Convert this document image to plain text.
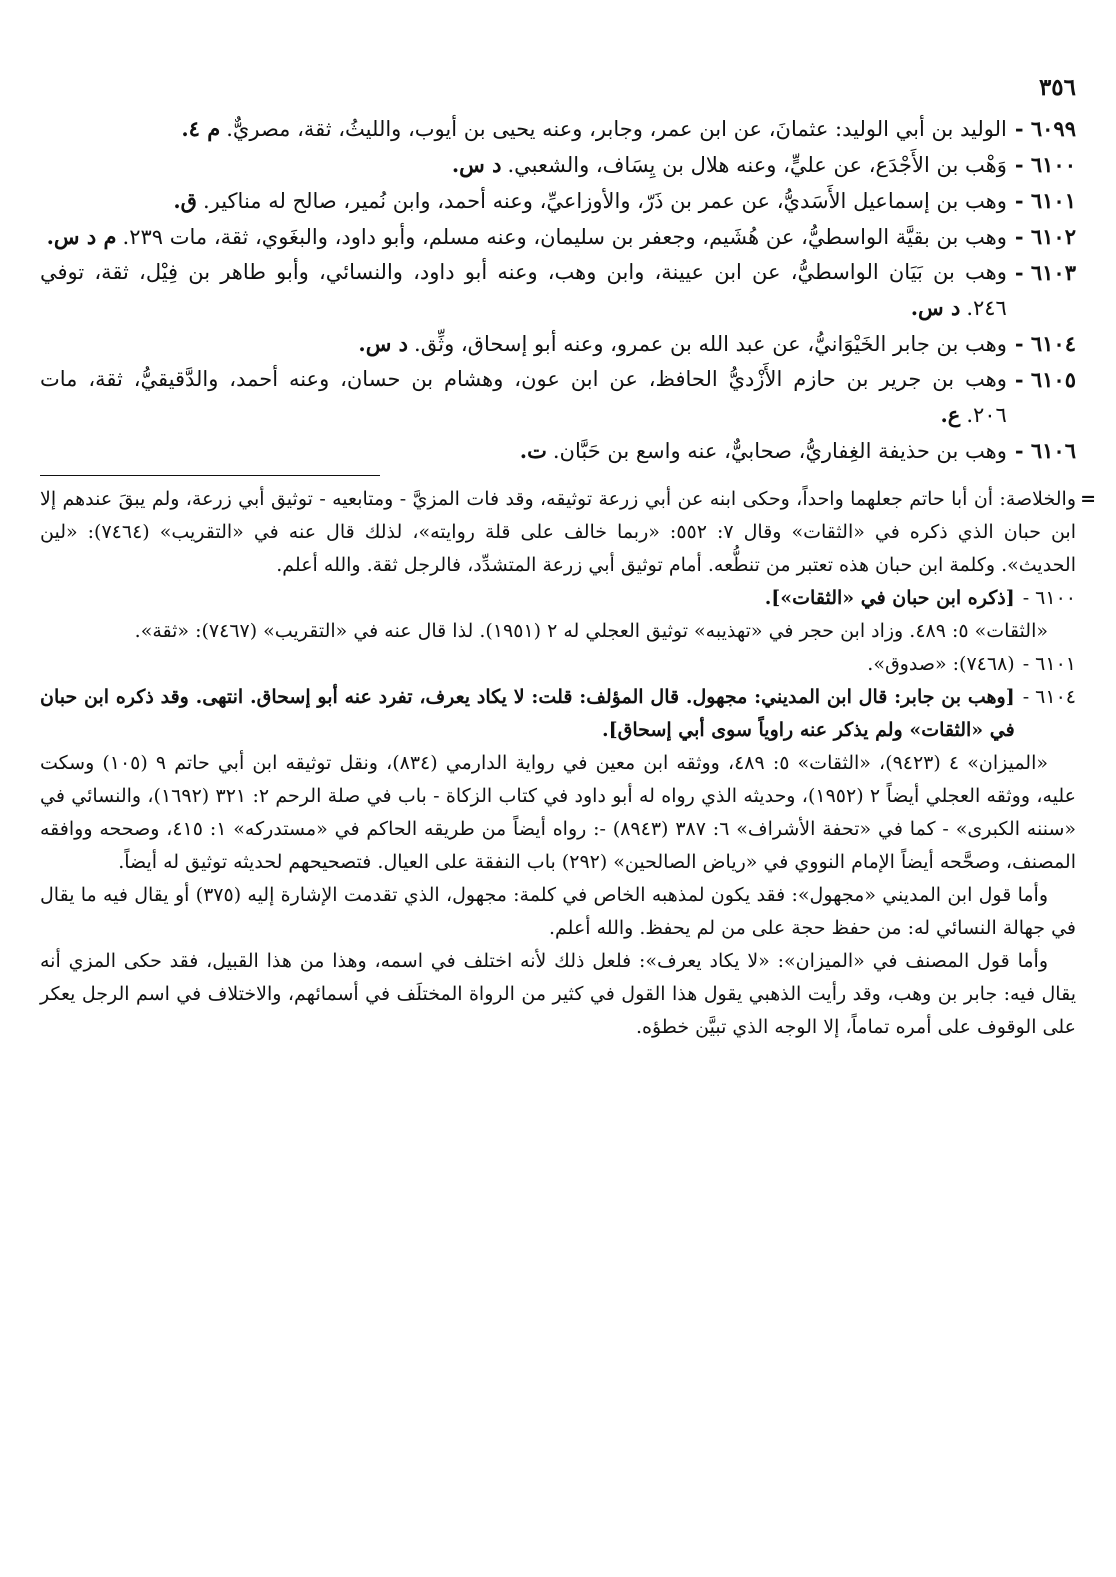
٣٥٦
٦٠٩٩ -
الوليد بن أبي الوليد: عثمانَ، عن ابن عمر، وجابر، وعنه يحيى بن أيوب، والليثُ، ثقة، مصريٌّ.م ٤.
٦١٠٠ -
وَهْب بن الأَجْدَع، عن عليٍّ، وعنه هلال بن يِسَاف، والشعبي.د س.
٦١٠١ -
وهب بن إسماعيل الأَسَديُّ، عن عمر بن ذَرّ، والأوزاعيِّ، وعنه أحمد، وابن نُمير، صالح له مناكير.ق.
٦١٠٢ -
وهب بن بقيَّة الواسطيُّ، عن هُشَيم، وجعفر بن سليمان، وعنه مسلم، وأبو داود، والبغَوي، ثقة، مات ٢٣٩.م د س.
٦١٠٣ -
وهب بن بَيَان الواسطيُّ، عن ابن عيينة، وابن وهب، وعنه أبو داود، والنسائي، وأبو طاهر بن فِيْل، ثقة، توفي ٢٤٦.د س.
٦١٠٤ -
وهب بن جابر الخَيْوَانيُّ، عن عبد الله بن عمرو، وعنه أبو إسحاق، وثِّق.د س.
٦١٠٥ -
وهب بن جرير بن حازم الأَزْديُّ الحافظ، عن ابن عون، وهشام بن حسان، وعنه أحمد، والدَّقيقيُّ، ثقة، مات ٢٠٦.ع.
٦١٠٦ -
وهب بن حذيفة الغِفاريُّ، صحابيٌّ، عنه واسع بن حَبَّان.ت.

=
والخلاصة: أن أبا حاتم جعلهما واحداً، وحكى ابنه عن أبي زرعة توثيقه، وقد فات المزيَّ - ومتابعيه - توثيق أبي زرعة، ولم يبقَ عندهم إلا ابن حبان الذي ذكره في «الثقات» وقال ٧: ٥٥٢: «ربما خالف على قلة روايته»، لذلك قال عنه في «التقريب» (٧٤٦٤): «لين الحديث». وكلمة ابن حبان هذه تعتبر من تنطُّعه. أمام توثيق أبي زرعة المتشدِّد، فالرجل ثقة. والله أعلم.

٦١٠٠ -
[ذكره ابن حبان في «الثقات»].

«الثقات» ٥: ٤٨٩. وزاد ابن حجر في «تهذيبه» توثيق العجلي له ٢ (١٩٥١). لذا قال عنه في «التقريب» (٧٤٦٧): «ثقة».

٦١٠١ -
(٧٤٦٨): «صدوق».
٦١٠٤ -
[وهب بن جابر: قال ابن المديني: مجهول. قال المؤلف: قلت: لا يكاد يعرف، تفرد عنه أبو إسحاق. انتهى. وقد ذكره ابن حبان في «الثقات» ولم يذكر عنه راوياً سوى أبي إسحاق].

«الميزان» ٤ (٩٤٢٣)، «الثقات» ٥: ٤٨٩، ووثقه ابن معين في رواية الدارمي (٨٣٤)، ونقل توثيقه ابن أبي حاتم ٩ (١٠٥) وسكت عليه، ووثقه العجلي أيضاً ٢ (١٩٥٢)، وحديثه الذي رواه له أبو داود في كتاب الزكاة - باب في صلة الرحم ٢: ٣٢١ (١٦٩٢)، والنسائي في «سننه الكبرى» - كما في «تحفة الأشراف» ٦: ٣٨٧ (٨٩٤٣) -: رواه أيضاً من طريقه الحاكم في «مستدركه» ١: ٤١٥، وصححه ووافقه المصنف، وصحَّحه أيضاً الإمام النووي في «رياض الصالحين» (٢٩٢) باب النفقة على العيال. فتصحيحهم لحديثه توثيق له أيضاً.

وأما قول ابن المديني «مجهول»: فقد يكون لمذهبه الخاص في كلمة: مجهول، الذي تقدمت الإشارة إليه (٣٧٥) أو يقال فيه ما يقال في جهالة النسائي له: من حفظ حجة على من لم يحفظ. والله أعلم.

وأما قول المصنف في «الميزان»: «لا يكاد يعرف»: فلعل ذلك لأنه اختلف في اسمه، وهذا من هذا القبيل، فقد حكى المزي أنه يقال فيه: جابر بن وهب، وقد رأيت الذهبي يقول هذا القول في كثير من الرواة المختلَف في أسمائهم، والاختلاف في اسم الرجل يعكر على الوقوف على أمره تماماً، إلا الوجه الذي تبيَّن خطؤه.
